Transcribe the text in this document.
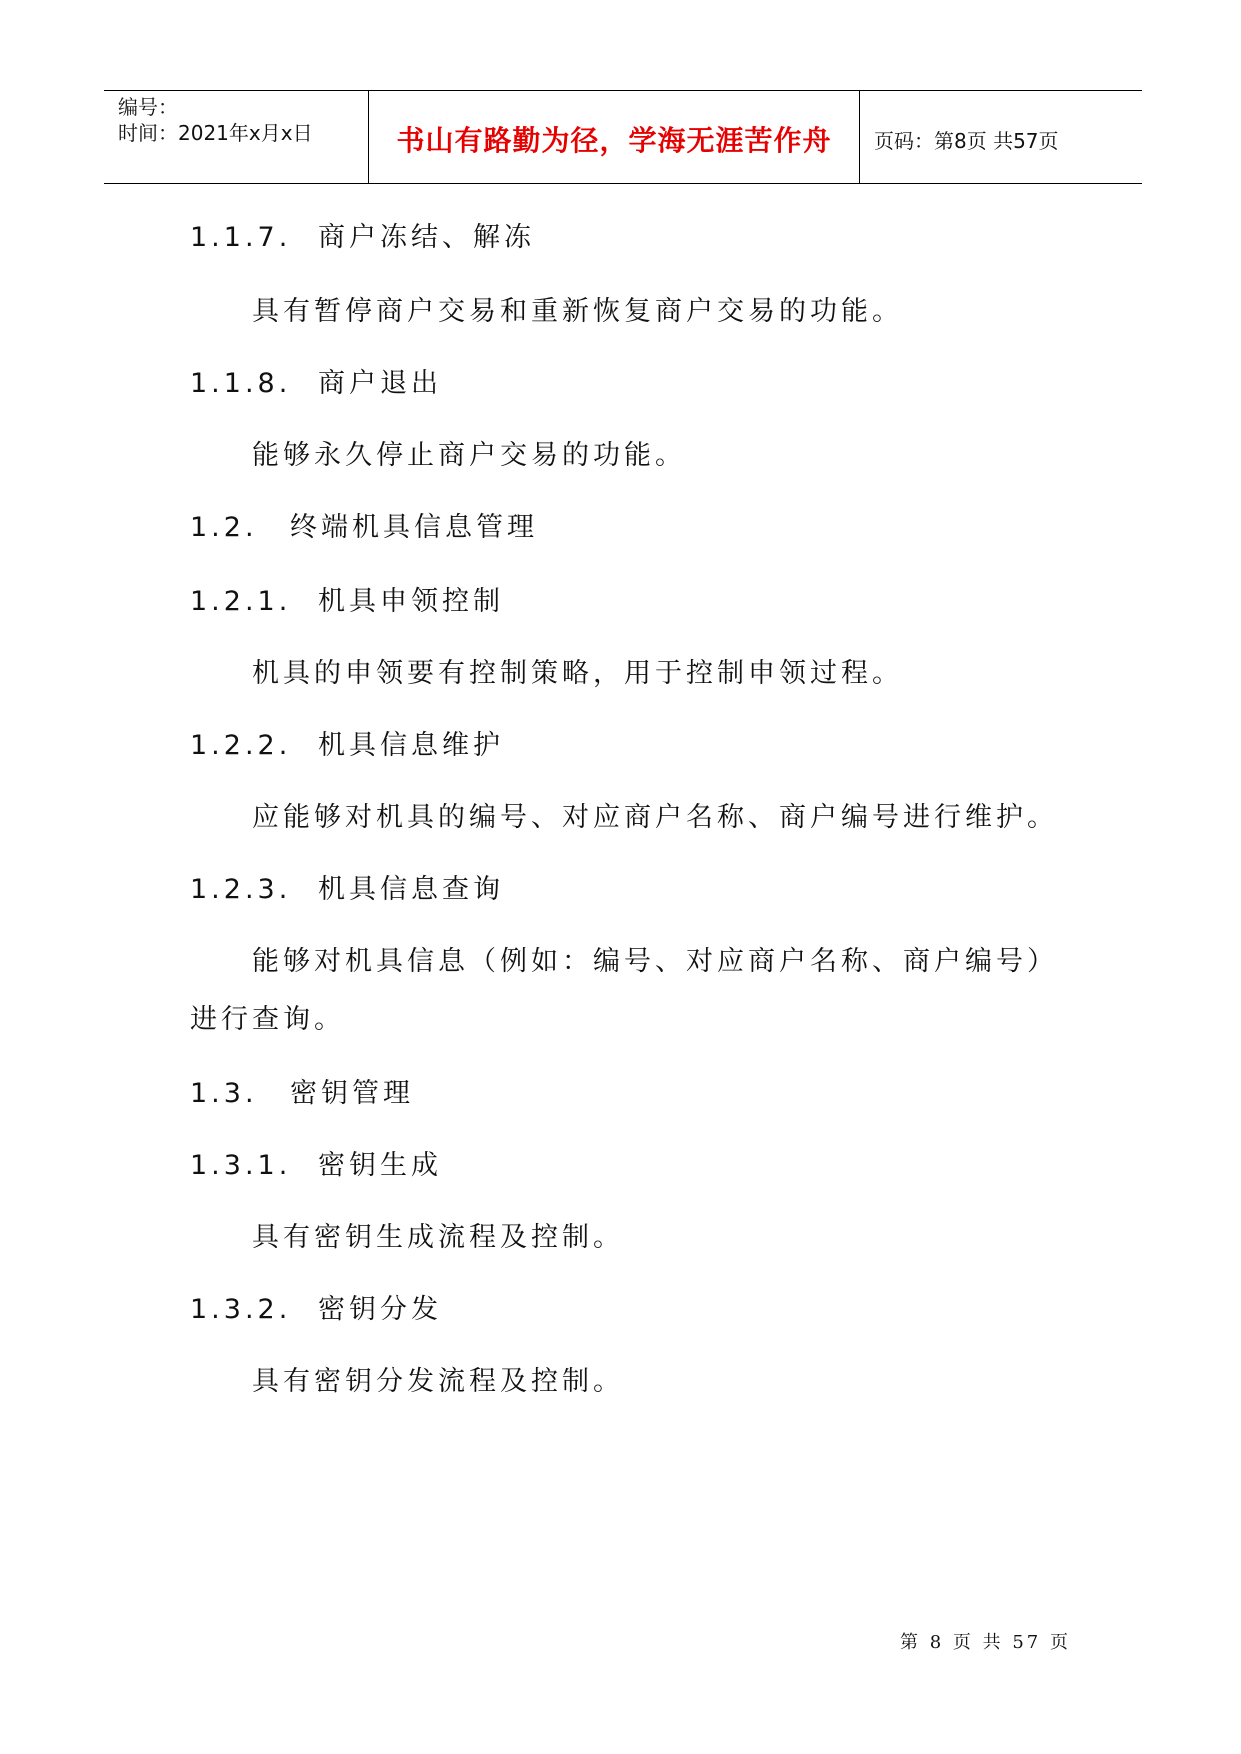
编号：
时间：2021年x月x日	书山有路勤为径，学海无涯苦作舟	页码：第8页 共57页
1.1.7. 商户冻结、解冻
具有暂停商户交易和重新恢复商户交易的功能。
1.1.8. 商户退出
能够永久停止商户交易的功能。
1.2. 终端机具信息管理
1.2.1. 机具申领控制
机具的申领要有控制策略，用于控制申领过程。
1.2.2. 机具信息维护
应能够对机具的编号、对应商户名称、商户编号进行维护。
1.2.3. 机具信息查询
能够对机具信息（例如：编号、对应商户名称、商户编号）
进行查询。
1.3. 密钥管理
1.3.1. 密钥生成
具有密钥生成流程及控制。
1.3.2. 密钥分发
具有密钥分发流程及控制。
第 8 页 共 57 页
